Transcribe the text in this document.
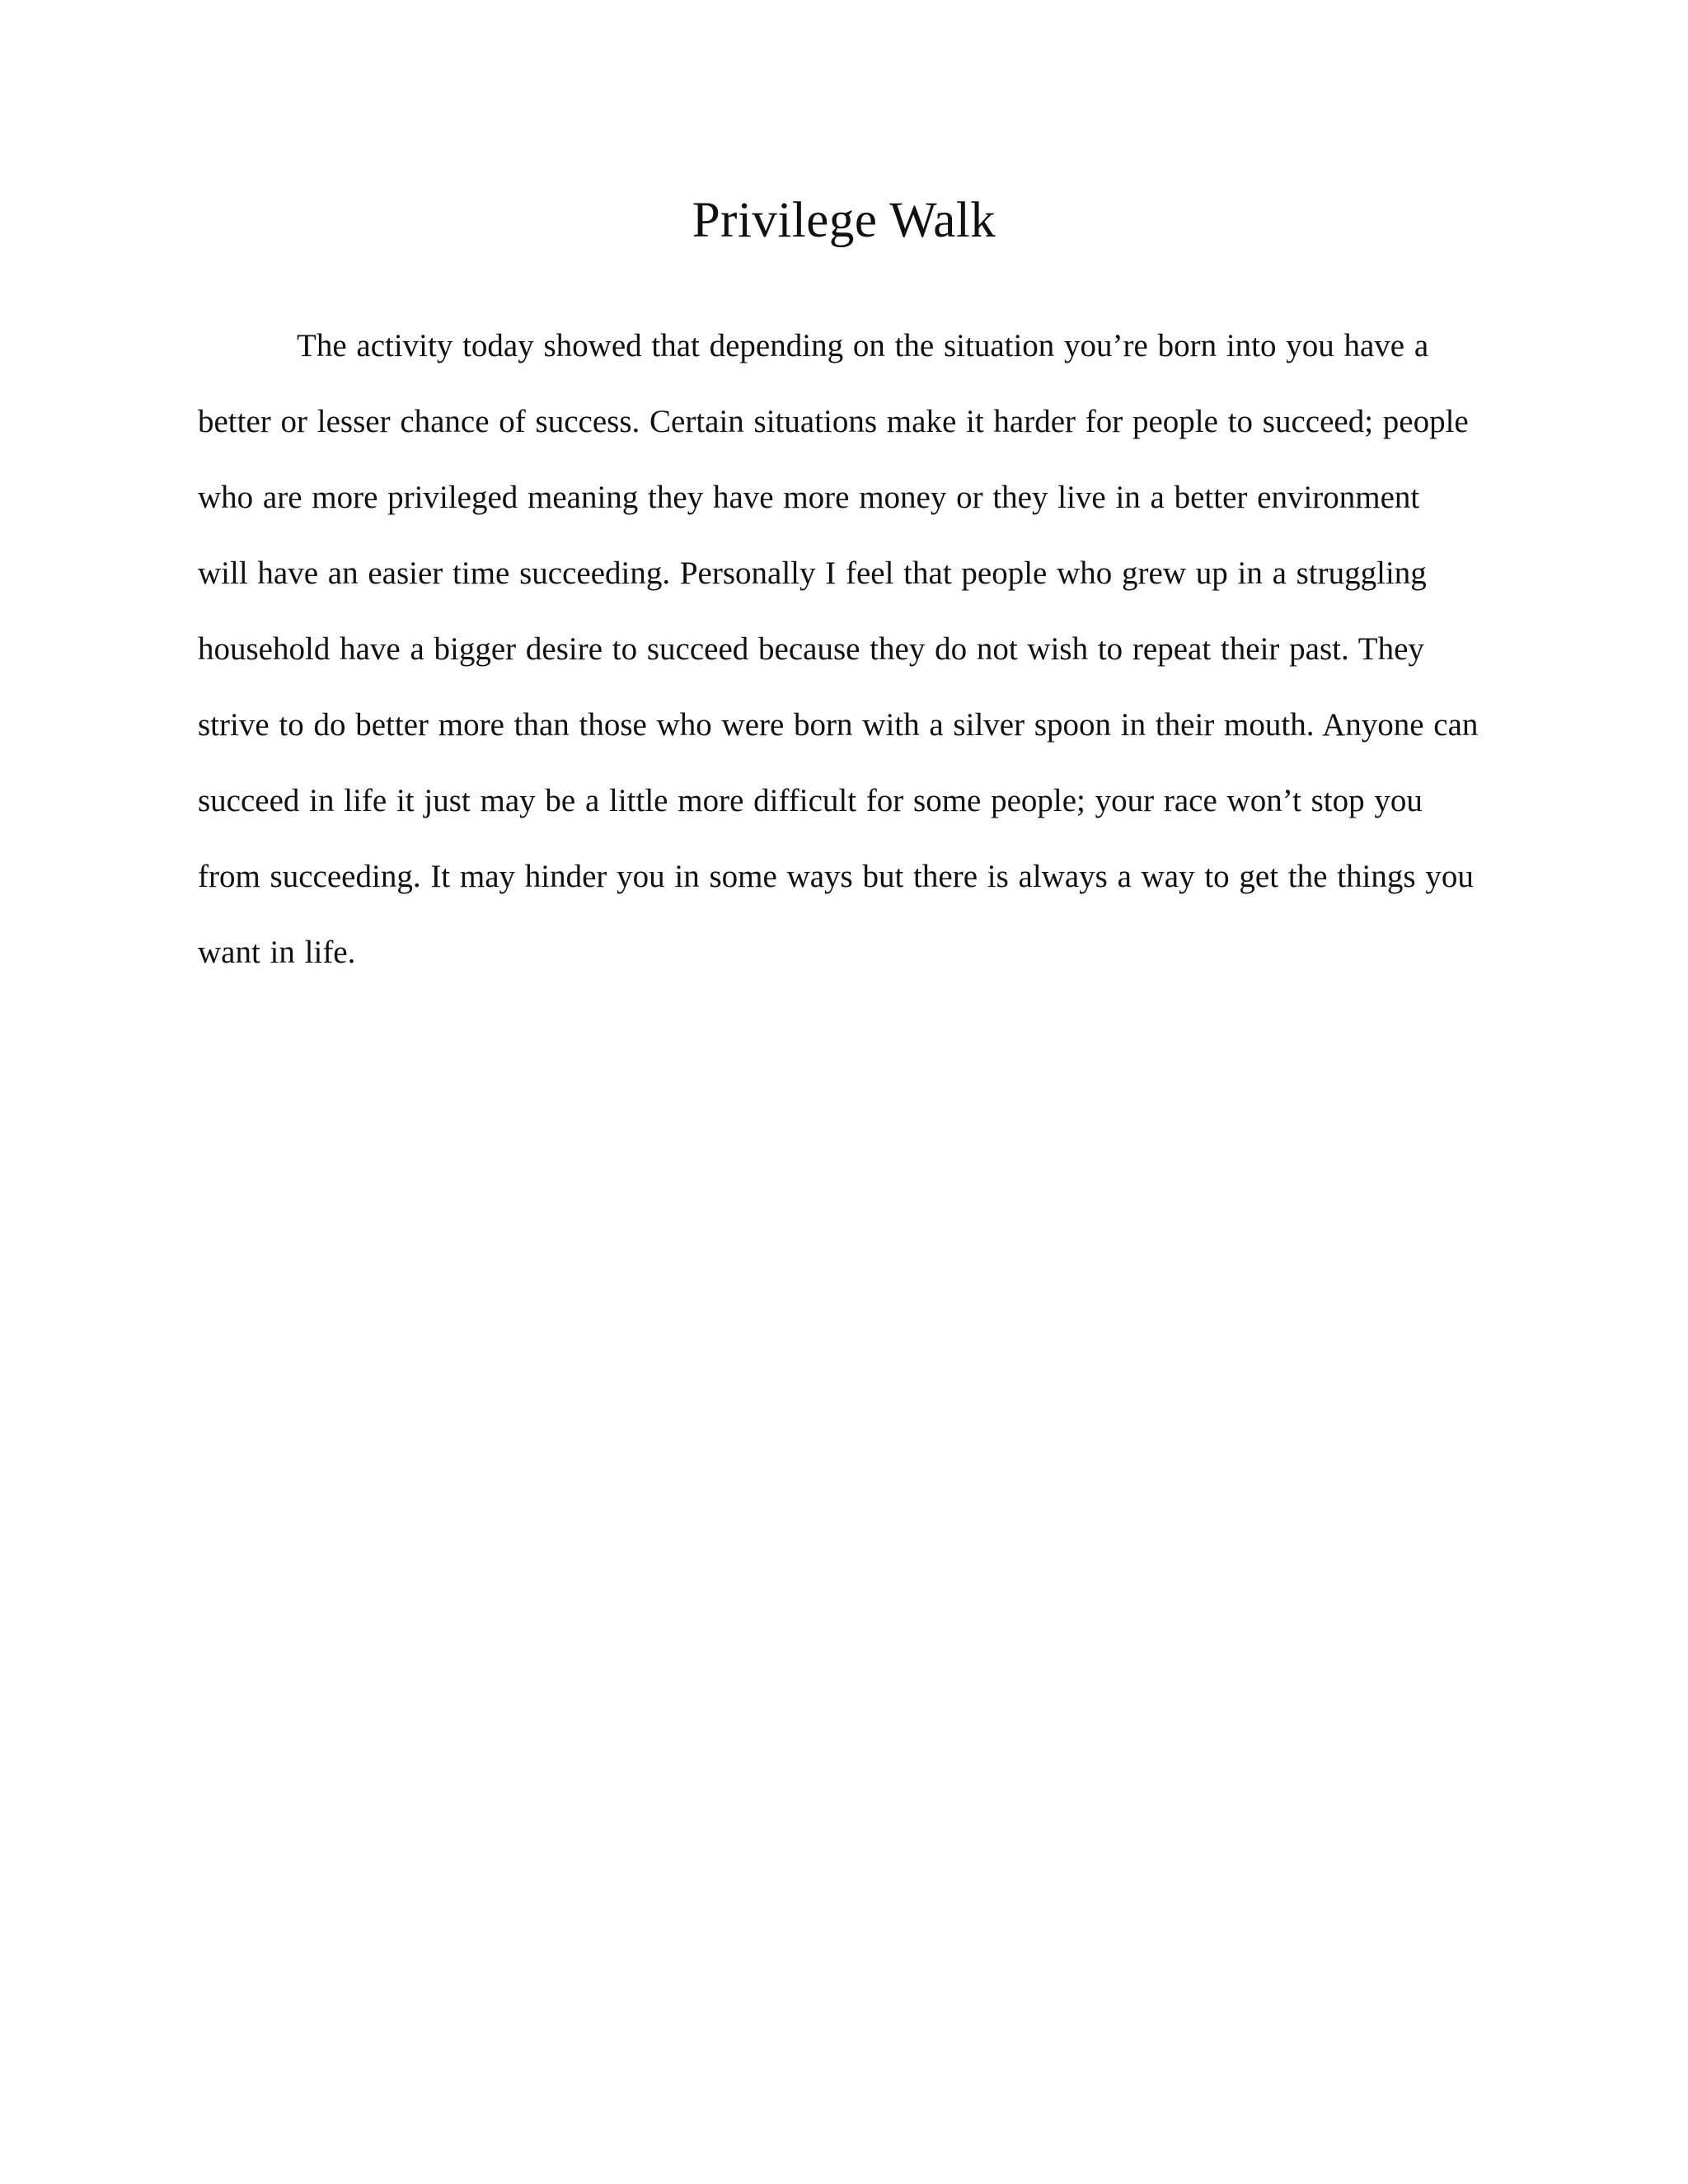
Privilege Walk
The activity today showed that depending on the situation you’re born into you have a
better or lesser chance of success. Certain situations make it harder for people to succeed; people
who are more privileged meaning they have more money or they live in a better environment
will have an easier time succeeding. Personally I feel that people who grew up in a struggling
household have a bigger desire to succeed because they do not wish to repeat their past. They
strive to do better more than those who were born with a silver spoon in their mouth. Anyone can
succeed in life it just may be a little more difficult for some people; your race won’t stop you
from succeeding. It may hinder you in some ways but there is always a way to get the things you
want in life.
